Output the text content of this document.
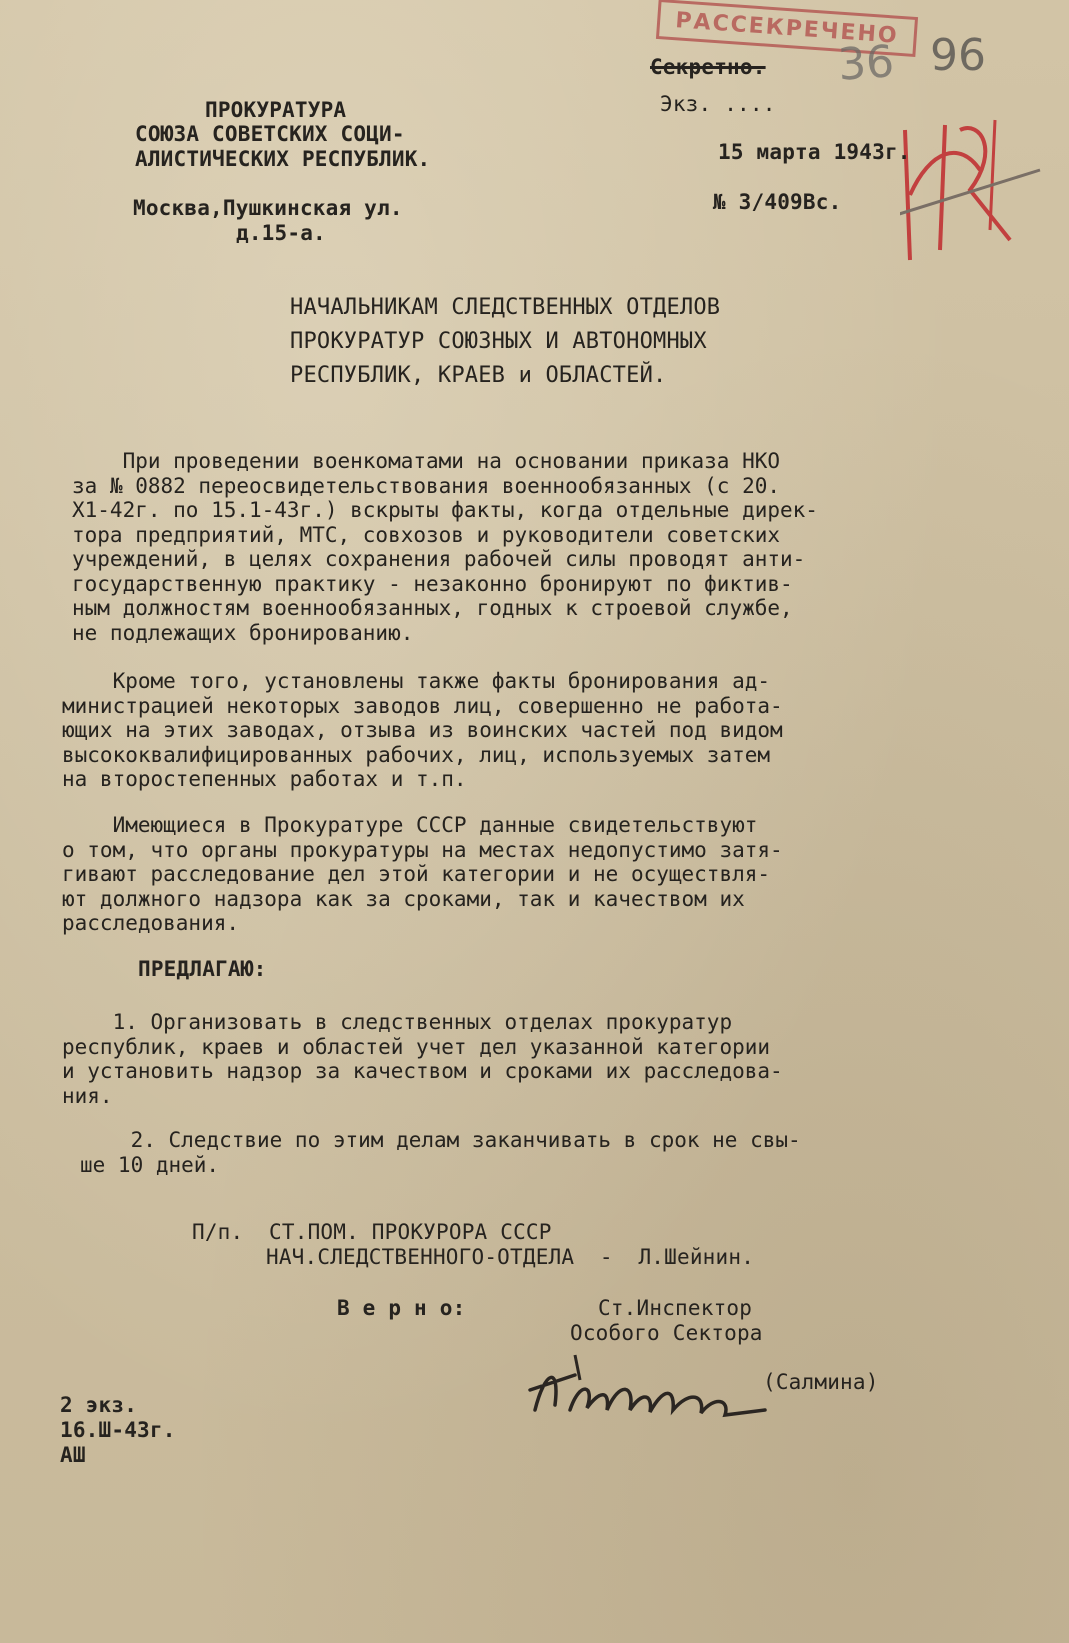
РАССЕКРЕЧЕНО
36 96
Секретно.
Экз. ....
15 марта 1943г.
№ 3/409Вс.
ПРОКУРАТУРА
СОЮЗА СОВЕТСКИХ СОЦИ-
АЛИСТИЧЕСКИХ РЕСПУБЛИК.
Москва,Пушкинская ул.
д.15-а.
НАЧАЛЬНИКАМ СЛЕДСТВЕННЫХ ОТДЕЛОВ
ПРОКУРАТУР СОЮЗНЫХ И АВТОНОМНЫХ
РЕСПУБЛИК, КРАЕВ и ОБЛАСТЕЙ.
При проведении военкоматами на основании приказа НКО
за № 0882 переосвидетельствования военнообязанных (с 20.
Х1-42г. по 15.1-43г.) вскрыты факты, когда отдельные дирек-
тора предприятий, МТС, совхозов и руководители советских
учреждений, в целях сохранения рабочей силы проводят анти-
государственную практику - незаконно бронируют по фиктив-
ным должностям военнообязанных, годных к строевой службе,
не подлежащих бронированию.
Кроме того, установлены также факты бронирования ад-
министрацией некоторых заводов лиц, совершенно не работа-
ющих на этих заводах, отзыва из воинских частей под видом
высококвалифицированных рабочих, лиц, используемых затем
на второстепенных работах и т.п.
Имеющиеся в Прокуратуре СССР данные свидетельствуют
о том, что органы прокуратуры на местах недопустимо затя-
гивают расследование дел этой категории и не осуществля-
ют должного надзора как за сроками, так и качеством их
расследования.
ПРЕДЛАГАЮ:
1. Организовать в следственных отделах прокуратур
республик, краев и областей учет дел указанной категории
и установить надзор за качеством и сроками их расследова-
ния.
2. Следствие по этим делам заканчивать в срок не свы-
ше 10 дней.
П/п.  СТ.ПОМ. ПРОКУРОРА СССР
НАЧ.СЛЕДСТВЕННОГО-ОТДЕЛА  -  Л.Шейнин.
В е р н о:	Ст.Инспектор
Особого Сектора
(Салмина)
2 экз.
16.Ш-43г.
АШ
